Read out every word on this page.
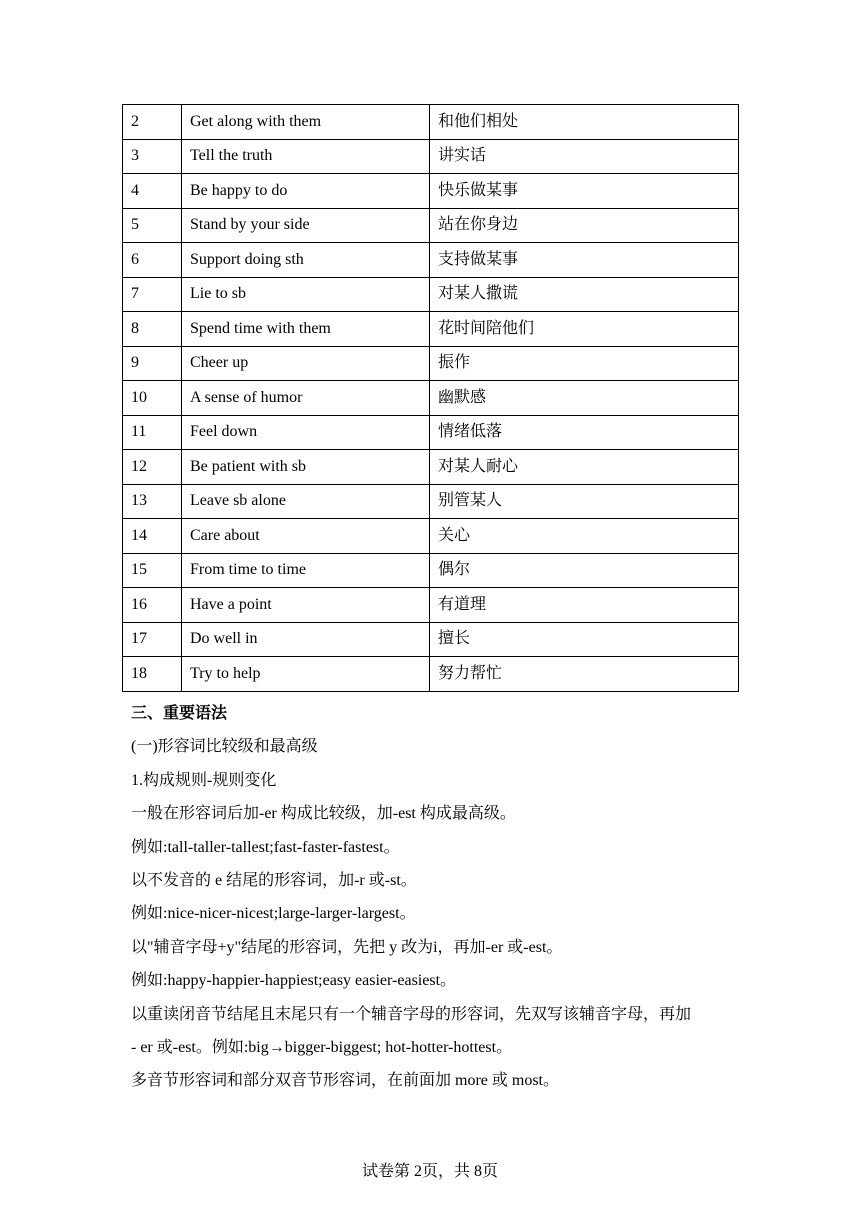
2	Get along with them	和他们相处
3	Tell the truth	讲实话
4	Be happy to do	快乐做某事
5	Stand by your side	站在你身边
6	Support doing sth	支持做某事
7	Lie to sb	对某人撒谎
8	Spend time with them	花时间陪他们
9	Cheer up	振作
10	A sense of humor	幽默感
11	Feel down	情绪低落
12	Be patient with sb	对某人耐心
13	Leave sb alone	别管某人
14	Care about	关心
15	From time to time	偶尔
16	Have a point	有道理
17	Do well in	擅长
18	Try to help	努力帮忙

三、重要语法

(一)形容词比较级和最高级

1.构成规则-规则变化

一般在形容词后加-er 构成比较级，加-est 构成最高级。

例如:tall-taller-tallest;fast-faster-fastest。

以不发音的 e 结尾的形容词，加-r 或-st。

例如:nice-nicer-nicest;large-larger-largest。

以"辅音字母+y"结尾的形容词，先把 y 改为i，再加-er 或-est。

例如:happy-happier-happiest;easy easier-easiest。

以重读闭音节结尾且末尾只有一个辅音字母的形容词，先双写该辅音字母，再加

- er 或-est。例如:big→bigger-biggest; hot-hotter-hottest。

多音节形容词和部分双音节形容词，在前面加 more 或 most。

试卷第 2页，共 8页
